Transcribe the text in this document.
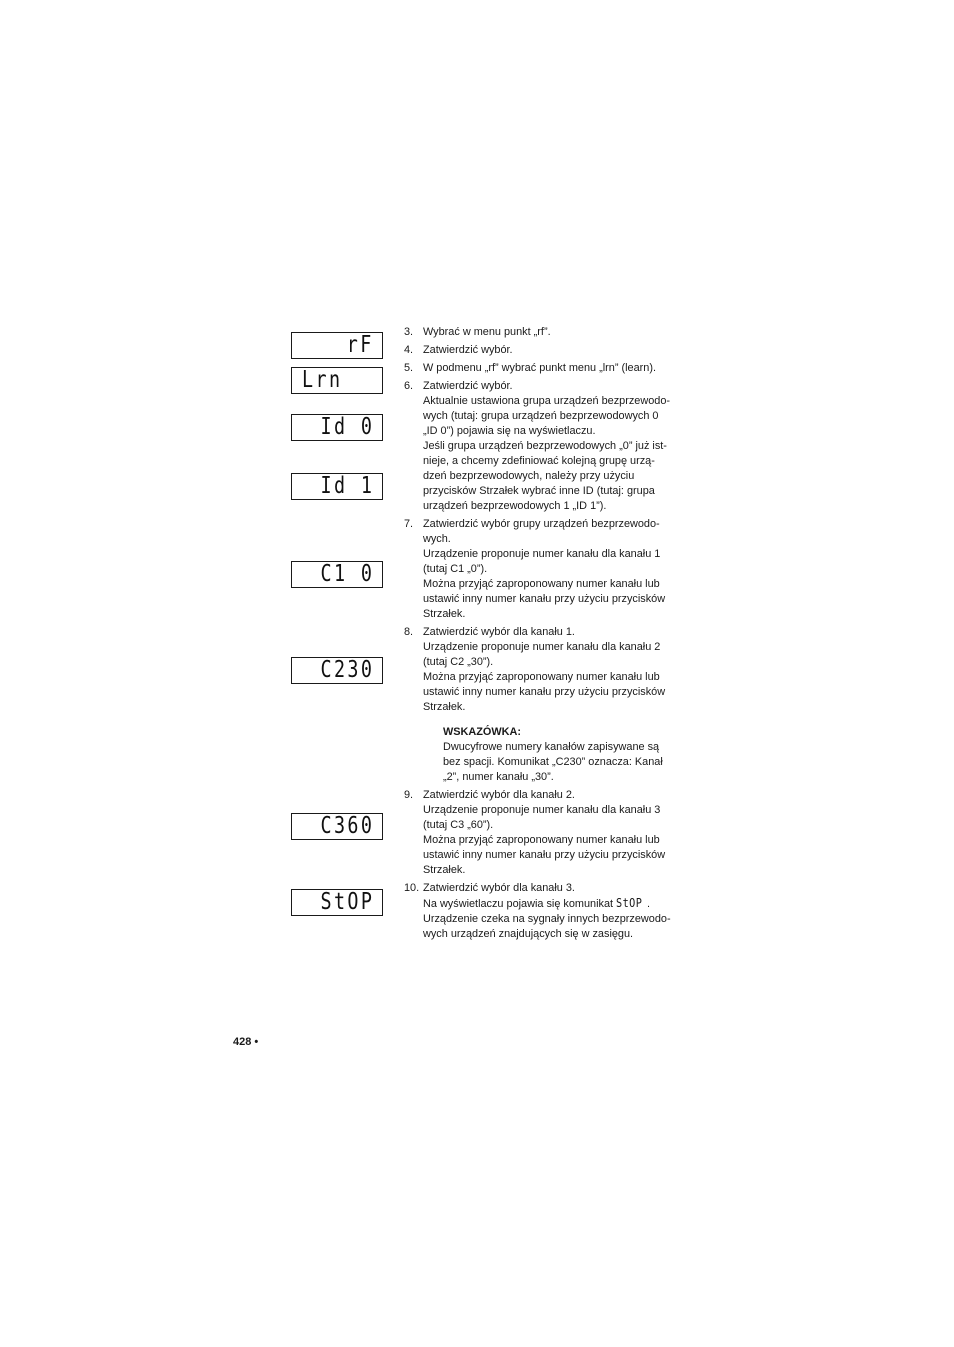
rF
Lrn
Id 0
Id 1
C1 0
C230
C360
StOP
3. Wybrać w menu punkt „rf”.

4. Zatwierdzić wybór.

5. W podmenu „rf” wybrać punkt menu „lrn” (learn).

6. Zatwierdzić wybór.

Aktualnie ustawiona grupa urządzeń bezprzewodo-
wych (tutaj: grupa urządzeń bezprzewodowych 0
„ID 0”) pojawia się na wyświetlaczu.

Jeśli grupa urządzeń bezprzewodowych „0” już ist-
nieje, a chcemy zdefiniować kolejną grupę urzą-
dzeń bezprzewodowych, należy przy użyciu
przycisków Strzałek wybrać inne ID (tutaj: grupa
urządzeń bezprzewodowych 1 „ID 1”).

7. Zatwierdzić wybór grupy urządzeń bezprzewodo-
wych.

Urządzenie proponuje numer kanału dla kanału 1
(tutaj C1 „0”).

Można przyjąć zaproponowany numer kanału lub
ustawić inny numer kanału przy użyciu przycisków
Strzałek.

8. Zatwierdzić wybór dla kanału 1.

Urządzenie proponuje numer kanału dla kanału 2
(tutaj C2 „30”).

Można przyjąć zaproponowany numer kanału lub
ustawić inny numer kanału przy użyciu przycisków
Strzałek.

WSKAZÓWKA:

Dwucyfrowe numery kanałów zapisywane są
bez spacji. Komunikat „C230” oznacza: Kanał
„2”, numer kanału „30”.

9. Zatwierdzić wybór dla kanału 2.

Urządzenie proponuje numer kanału dla kanału 3
(tutaj C3 „60”).

Można przyjąć zaproponowany numer kanału lub
ustawić inny numer kanału przy użyciu przycisków
Strzałek.

10. Zatwierdzić wybór dla kanału 3.

Na wyświetlaczu pojawia się komunikat StOP .

Urządzenie czeka na sygnały innych bezprzewodo-
wych urządzeń znajdujących się w zasięgu.

428 •
